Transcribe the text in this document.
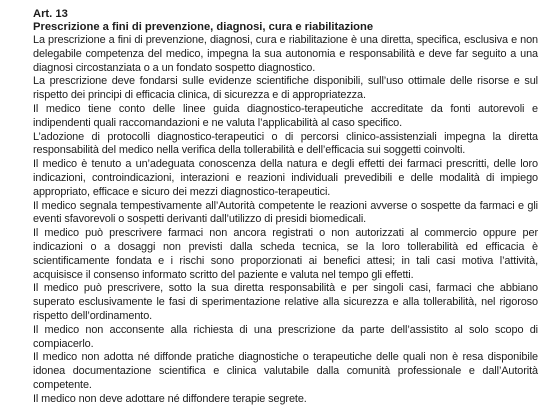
Art. 13

Prescrizione a fini di prevenzione, diagnosi, cura e riabilitazione

La prescrizione a fini di prevenzione, diagnosi, cura e riabilitazione è una diretta, specifica, esclusiva e non delegabile competenza del medico, impegna la sua autonomia e responsabilità e deve far seguito a una diagnosi circostanziata o a un fondato sospetto diagnostico.

La prescrizione deve fondarsi sulle evidenze scientifiche disponibili, sull’uso ottimale delle risorse e sul rispetto dei principi di efficacia clinica, di sicurezza e di appropriatezza.

Il medico tiene conto delle linee guida diagnostico-terapeutiche accreditate da fonti autorevoli e indipendenti quali raccomandazioni e ne valuta l’applicabilità al caso specifico.

L’adozione di protocolli diagnostico-terapeutici o di percorsi clinico-assistenziali impegna la diretta responsabilità del medico nella verifica della tollerabilità e dell’efficacia sui soggetti coinvolti.

Il medico è tenuto a un’adeguata conoscenza della natura e degli effetti dei farmaci prescritti, delle loro indicazioni, controindicazioni, interazioni e reazioni individuali prevedibili e delle modalità di impiego appropriato, efficace e sicuro dei mezzi diagnostico-terapeutici.

Il medico segnala tempestivamente all’Autorità competente le reazioni avverse o sospette da farmaci e gli eventi sfavorevoli o sospetti derivanti dall’utilizzo di presidi biomedicali.

Il medico può prescrivere farmaci non ancora registrati o non autorizzati al commercio oppure per indicazioni o a dosaggi non previsti dalla scheda tecnica, se la loro tollerabilità ed efficacia è scientificamente fondata e i rischi sono proporzionati ai benefici attesi; in tali casi motiva l’attività, acquisisce il consenso informato scritto del paziente e valuta nel tempo gli effetti.

Il medico può prescrivere, sotto la sua diretta responsabilità e per singoli casi, farmaci che abbiano superato esclusivamente le fasi di sperimentazione relative alla sicurezza e alla tollerabilità, nel rigoroso rispetto dell’ordinamento.

Il medico non acconsente alla richiesta di una prescrizione da parte dell’assistito al solo scopo di compiacerlo.

Il medico non adotta né diffonde pratiche diagnostiche o terapeutiche delle quali non è resa disponibile idonea documentazione scientifica e clinica valutabile dalla comunità professionale e dall’Autorità competente.

Il medico non deve adottare né diffondere terapie segrete.
